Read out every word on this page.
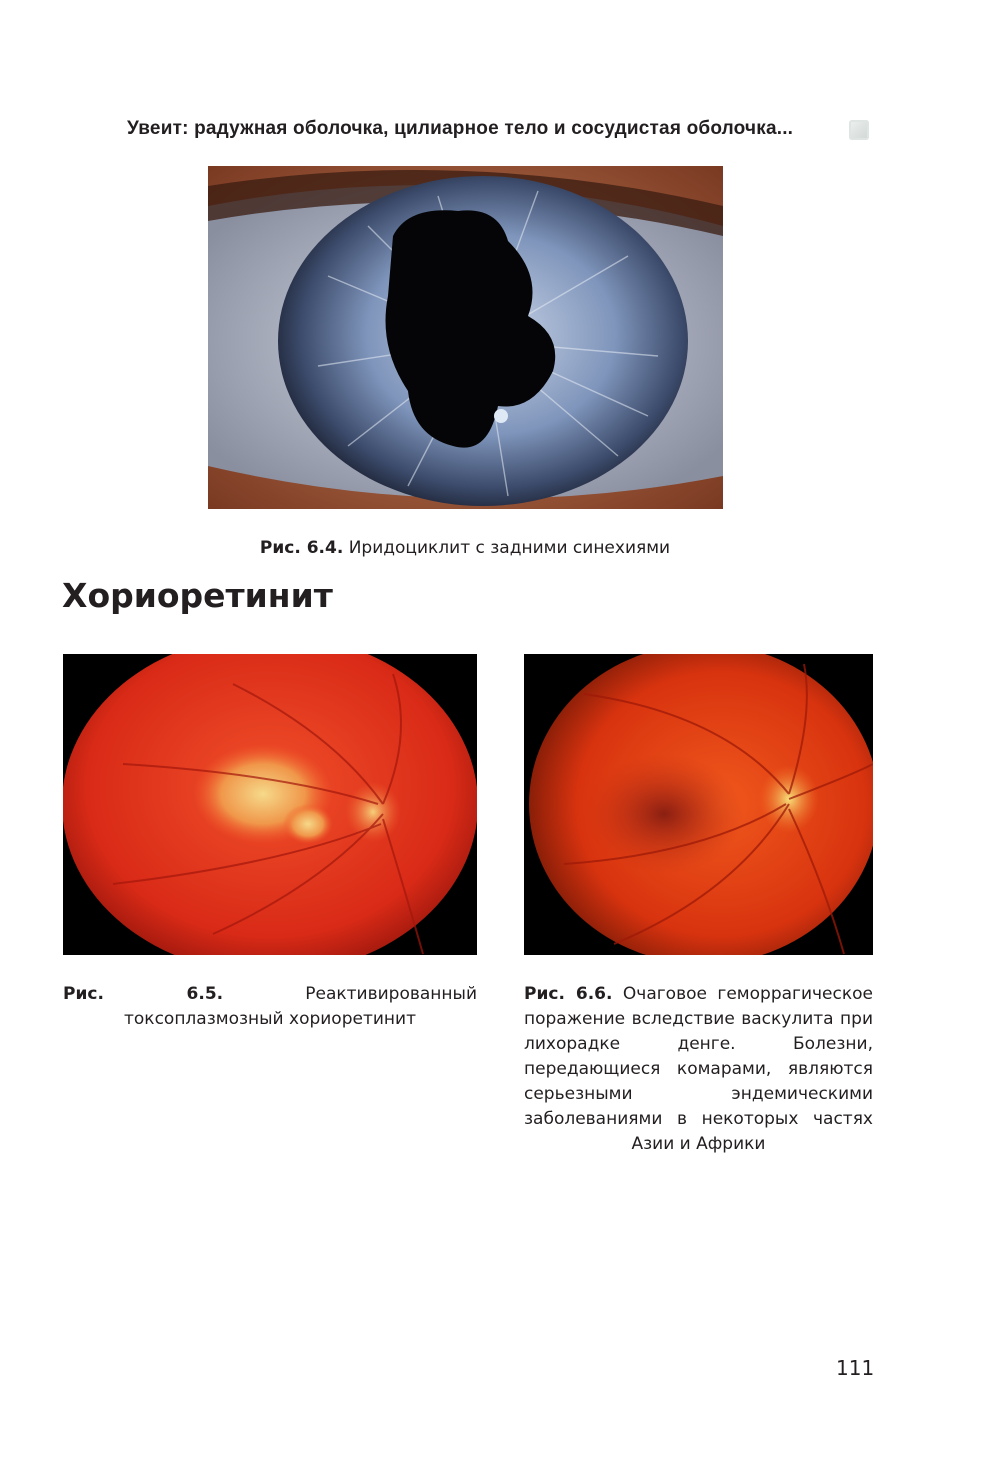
Увеит: радужная оболочка, цилиарное тело и сосудистая оболочка...
Рис. 6.4. Иридоциклит с задними синехиями
Хориоретинит
Рис. 6.5. Реактивированный токсоплазмозный хориоретинит
Рис. 6.6. Очаговое геморрагическое поражение вследствие васкулита при лихорадке денге. Болезни, передающиеся комарами, являются серьезными эндемическими заболеваниями в некоторых частях Азии и Африки
111
